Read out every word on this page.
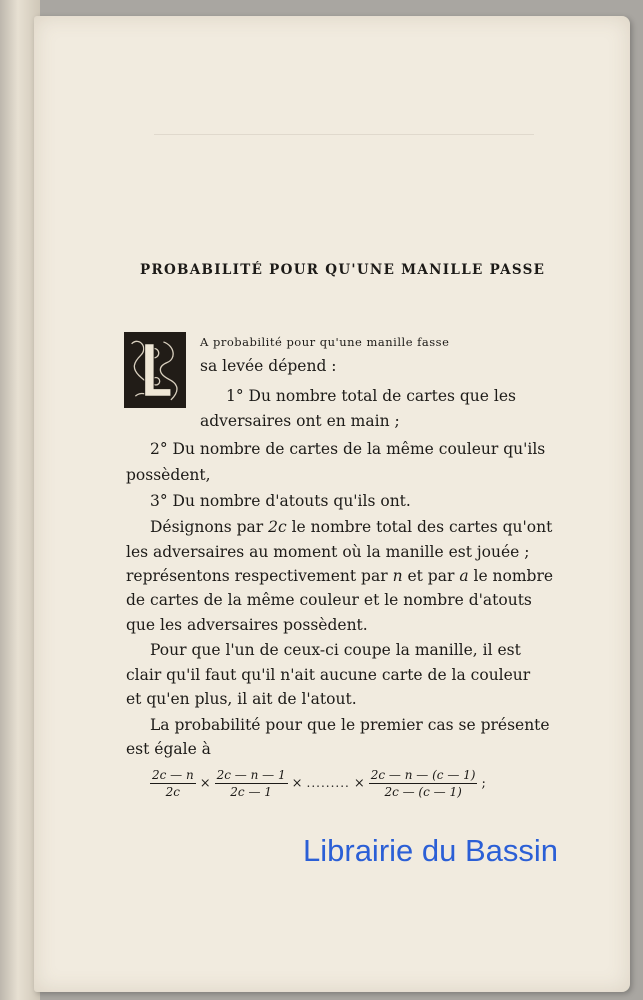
PROBABILITÉ POUR QU'UNE MANILLE PASSE
A probabilité pour qu'une manille fasse
sa levée dépend :
1° Du nombre total de cartes que les
adversaires ont en main ;
2° Du nombre de cartes de la même couleur qu'ils
possèdent,
3° Du nombre d'atouts qu'ils ont.
Désignons par 2c le nombre total des cartes qu'ont
les adversaires au moment où la manille est jouée ;
représentons respectivement par n et par a le nombre
de cartes de la même couleur et le nombre d'atouts
que les adversaires possèdent.
Pour que l'un de ceux-ci coupe la manille, il est
clair qu'il faut qu'il n'ait aucune carte de la couleur
et qu'en plus, il ait de l'atout.
La probabilité pour que le premier cas se présente
est égale à
$\frac{2c — n}{2c} \times \frac{2c — n — 1}{2c — 1}$ × ......... × $\frac{2c — n — (c — 1)}{2c — (c — 1)}$ ;
Librairie du Bassin
